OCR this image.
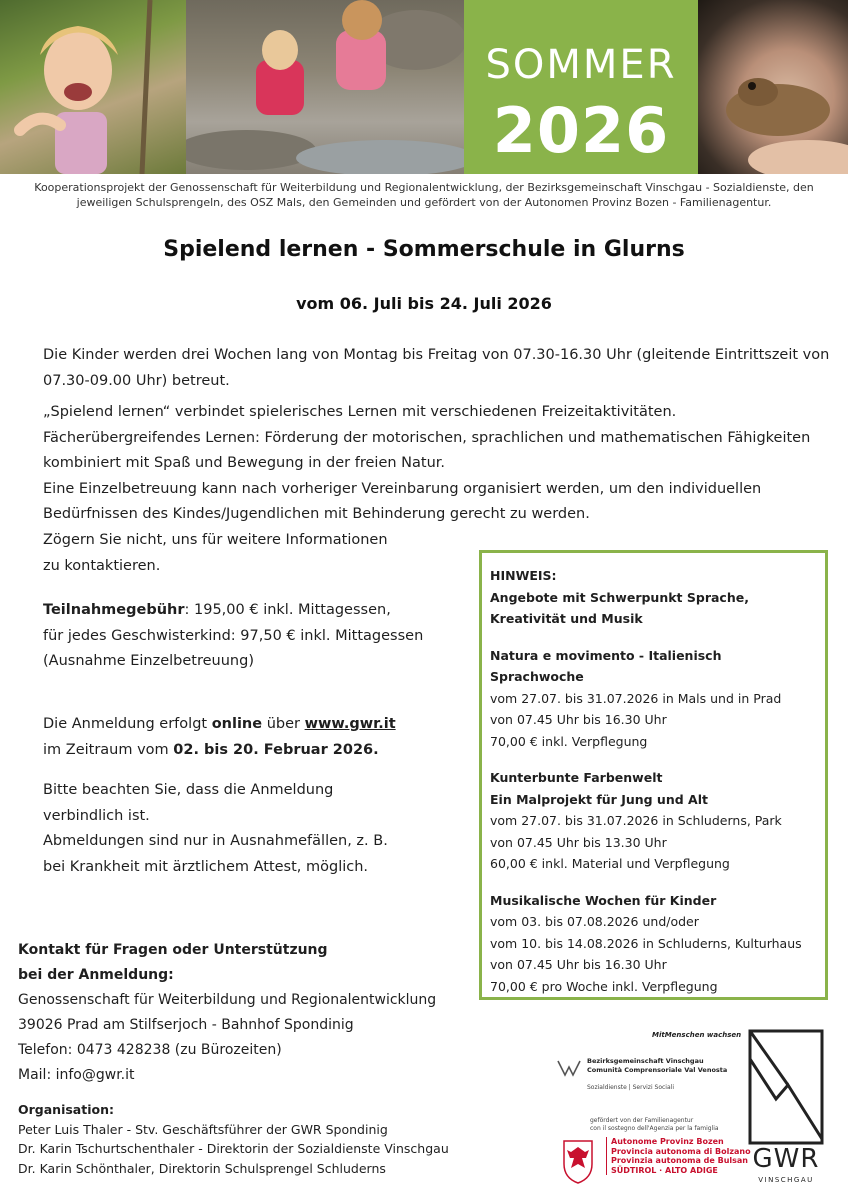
SOMMER
2026
Kooperationsprojekt der Genossenschaft für Weiterbildung und Regionalentwicklung, der Bezirksgemeinschaft Vinschgau - Sozialdienste, den jeweiligen Schulsprengeln, des OSZ Mals, den Gemeinden und gefördert von der Autonomen Provinz Bozen - Familienagentur.
Spielend lernen - Sommerschule in Glurns
vom 06. Juli bis 24. Juli 2026
Die Kinder werden drei Wochen lang von Montag bis Freitag von 07.30-16.30 Uhr (gleitende Eintrittszeit von 07.30-09.00 Uhr) betreut.
„Spielend lernen“ verbindet spielerisches Lernen mit verschiedenen Freizeitaktivitäten.
Fächerübergreifendes Lernen: Förderung der motorischen, sprachlichen und mathematischen Fähigkeiten kombiniert mit Spaß und Bewegung in der freien Natur.
Eine Einzelbetreuung kann nach vorheriger Vereinbarung organisiert werden, um den individuellen Bedürfnissen des Kindes/Jugendlichen mit Behinderung gerecht zu werden.
Zögern Sie nicht, uns für weitere Informationen
zu kontaktieren.
Teilnahmegebühr: 195,00 € inkl. Mittagessen,
für jedes Geschwisterkind: 97,50 € inkl. Mittagessen
(Ausnahme Einzelbetreuung)
Die Anmeldung erfolgt online über www.gwr.it
im Zeitraum vom 02. bis 20. Februar 2026.
Bitte beachten Sie, dass die Anmeldung
verbindlich ist.
Abmeldungen sind nur in Ausnahmefällen, z. B.
bei Krankheit mit ärztlichem Attest, möglich.
HINWEIS:
Angebote mit Schwerpunkt Sprache,
Kreativität und Musik
Natura e movimento - Italienisch
Sprachwoche
vom 27.07. bis 31.07.2026 in Mals und in Prad
von 07.45 Uhr bis 16.30 Uhr
70,00 € inkl. Verpflegung
Kunterbunte Farbenwelt
Ein Malprojekt für Jung und Alt
vom 27.07. bis 31.07.2026 in Schluderns, Park
von 07.45 Uhr bis 13.30 Uhr
60,00 € inkl. Material und Verpflegung
Musikalische Wochen für Kinder
vom 03. bis 07.08.2026 und/oder
vom 10. bis 14.08.2026 in Schluderns, Kulturhaus
von 07.45 Uhr bis 16.30 Uhr
70,00 € pro Woche inkl. Verpflegung
Kontakt für Fragen oder Unterstützung
bei der Anmeldung:
Genossenschaft für Weiterbildung und Regionalentwicklung
39026 Prad am Stilfserjoch - Bahnhof Spondinig
Telefon: 0473 428238 (zu Bürozeiten)
Mail: info@gwr.it
Organisation:
Peter Luis Thaler - Stv. Geschäftsführer der GWR Spondinig
Dr. Karin Tschurtschenthaler - Direktorin der Sozialdienste Vinschgau
Dr. Karin Schönthaler, Direktorin Schulsprengel Schluderns
MitMenschen wachsen
Bezirksgemeinschaft Vinschgau
Comunità Comprensoriale Val Venosta
Sozialdienste | Servizi Sociali
gefördert von der Familienagentur
con il sostegno dell'Agenzia per la famiglia
Autonome Provinz Bozen
Provincia autonoma di Bolzano
Provinzia autonoma de Bulsan
SÜDTIROL · ALTO ADIGE	GWR
VINSCHGAU
